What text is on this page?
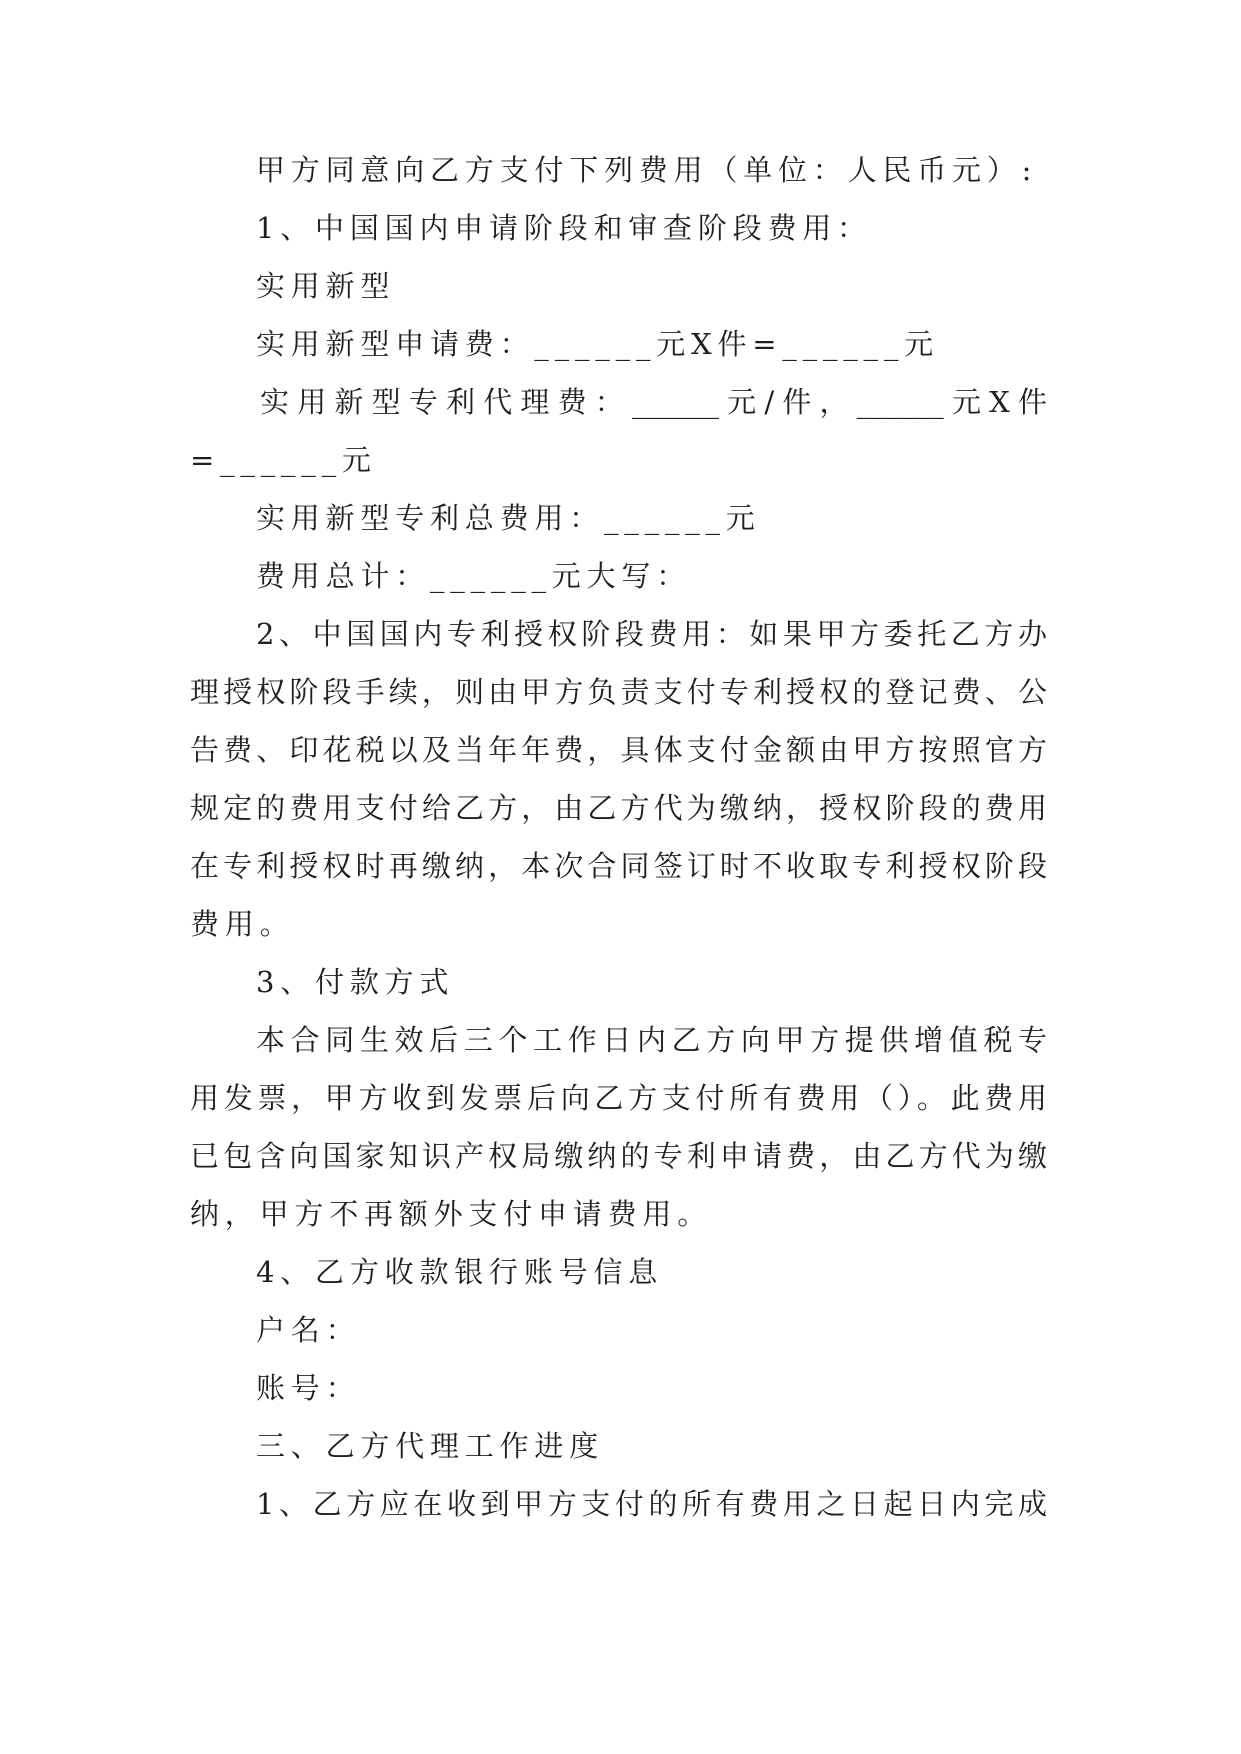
甲方同意向乙方支付下列费用（单位：人民币元）:

1、中国国内申请阶段和审查阶段费用：

实用新型

实用新型申请费：______元X件=______元

实用新型专利代理费：______元/件，______元X件

=______元

实用新型专利总费用：______元

费用总计：______元大写：

2、中国国内专利授权阶段费用：如果甲方委托乙方办

理授权阶段手续，则由甲方负责支付专利授权的登记费、公

告费、印花税以及当年年费，具体支付金额由甲方按照官方

规定的费用支付给乙方，由乙方代为缴纳，授权阶段的费用

在专利授权时再缴纳，本次合同签订时不收取专利授权阶段

费用。

3、付款方式

本合同生效后三个工作日内乙方向甲方提供增值税专

用发票，甲方收到发票后向乙方支付所有费用（）。此费用

已包含向国家知识产权局缴纳的专利申请费，由乙方代为缴

纳，甲方不再额外支付申请费用。

4、乙方收款银行账号信息

户名：

账号：

三、乙方代理工作进度

1、乙方应在收到甲方支付的所有费用之日起日内完成
